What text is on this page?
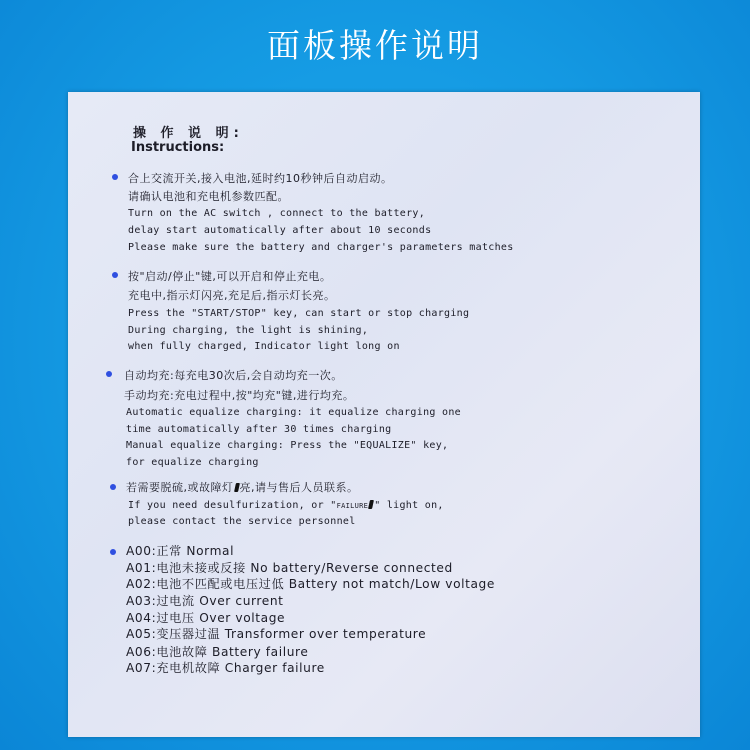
面板操作说明
操 作 说 明:
Instructions:
合上交流开关,接入电池,延时约10秒钟后自动启动。
请确认电池和充电机参数匹配。
Turn on the AC switch , connect to the battery,
delay start automatically after about 10 seconds
Please make sure the battery and charger's parameters matches
按"启动/停止"键,可以开启和停止充电。
充电中,指示灯闪亮,充足后,指示灯长亮。
Press the "START/STOP" key, can start or stop charging
During charging, the light is shining,
when fully charged, Indicator light long on
自动均充:每充电30次后,会自动均充一次。
手动均充:充电过程中,按"均充"键,进行均充。
Automatic equalize charging: it equalize charging one
time automatically after 30 times charging
Manual equalize charging: Press the "EQUALIZE" key,
for equalize charging
若需要脱硫,或故障灯 亮,请与售后人员联系。
If you need desulfurization, or "FAILURE " light on,
please contact the service personnel
A00:正常 Normal
A01:电池未接或反接 No battery/Reverse connected
A02:电池不匹配或电压过低 Battery not match/Low voltage
A03:过电流 Over current
A04:过电压 Over voltage
A05:变压器过温 Transformer over temperature
A06:电池故障 Battery failure
A07:充电机故障 Charger failure
